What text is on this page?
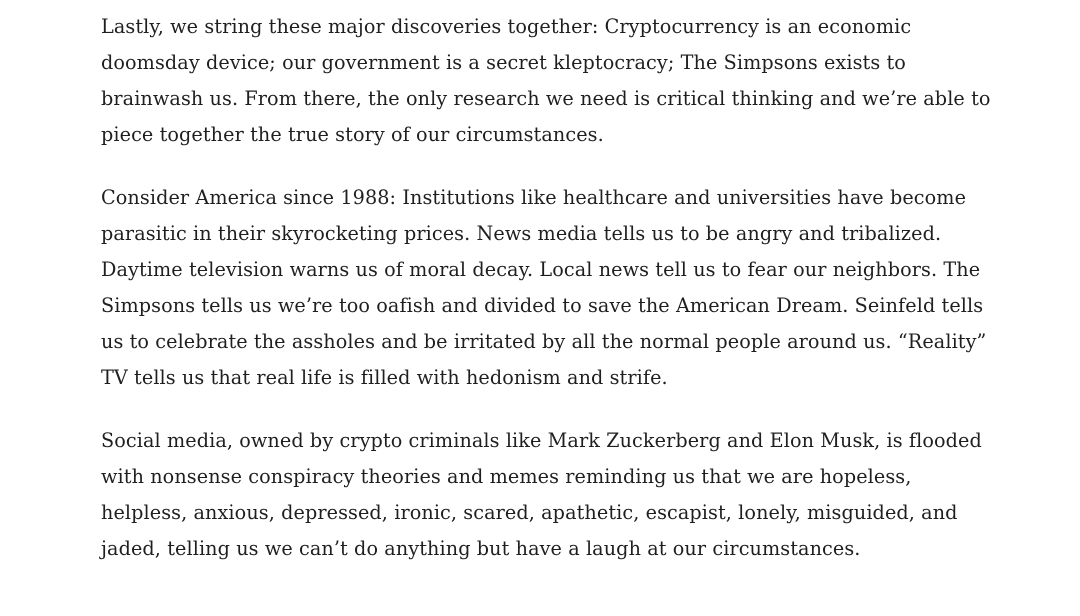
Lastly, we string these major discoveries together: Cryptocurrency is an economic doomsday device; our government is a secret kleptocracy; The Simpsons exists to brainwash us. From there, the only research we need is critical thinking and we’re able to piece together the true story of our circumstances.

Consider America since 1988: Institutions like healthcare and universities have become parasitic in their skyrocketing prices. News media tells us to be angry and tribalized. Daytime television warns us of moral decay. Local news tell us to fear our neighbors. The Simpsons tells us we’re too oafish and divided to save the American Dream. Seinfeld tells us to celebrate the assholes and be irritated by all the normal people around us. “Reality” TV tells us that real life is filled with hedonism and strife.

Social media, owned by crypto criminals like Mark Zuckerberg and Elon Musk, is flooded with nonsense conspiracy theories and memes reminding us that we are hopeless, helpless, anxious, depressed, ironic, scared, apathetic, escapist, lonely, misguided, and jaded, telling us we can’t do anything but have a laugh at our circumstances.
